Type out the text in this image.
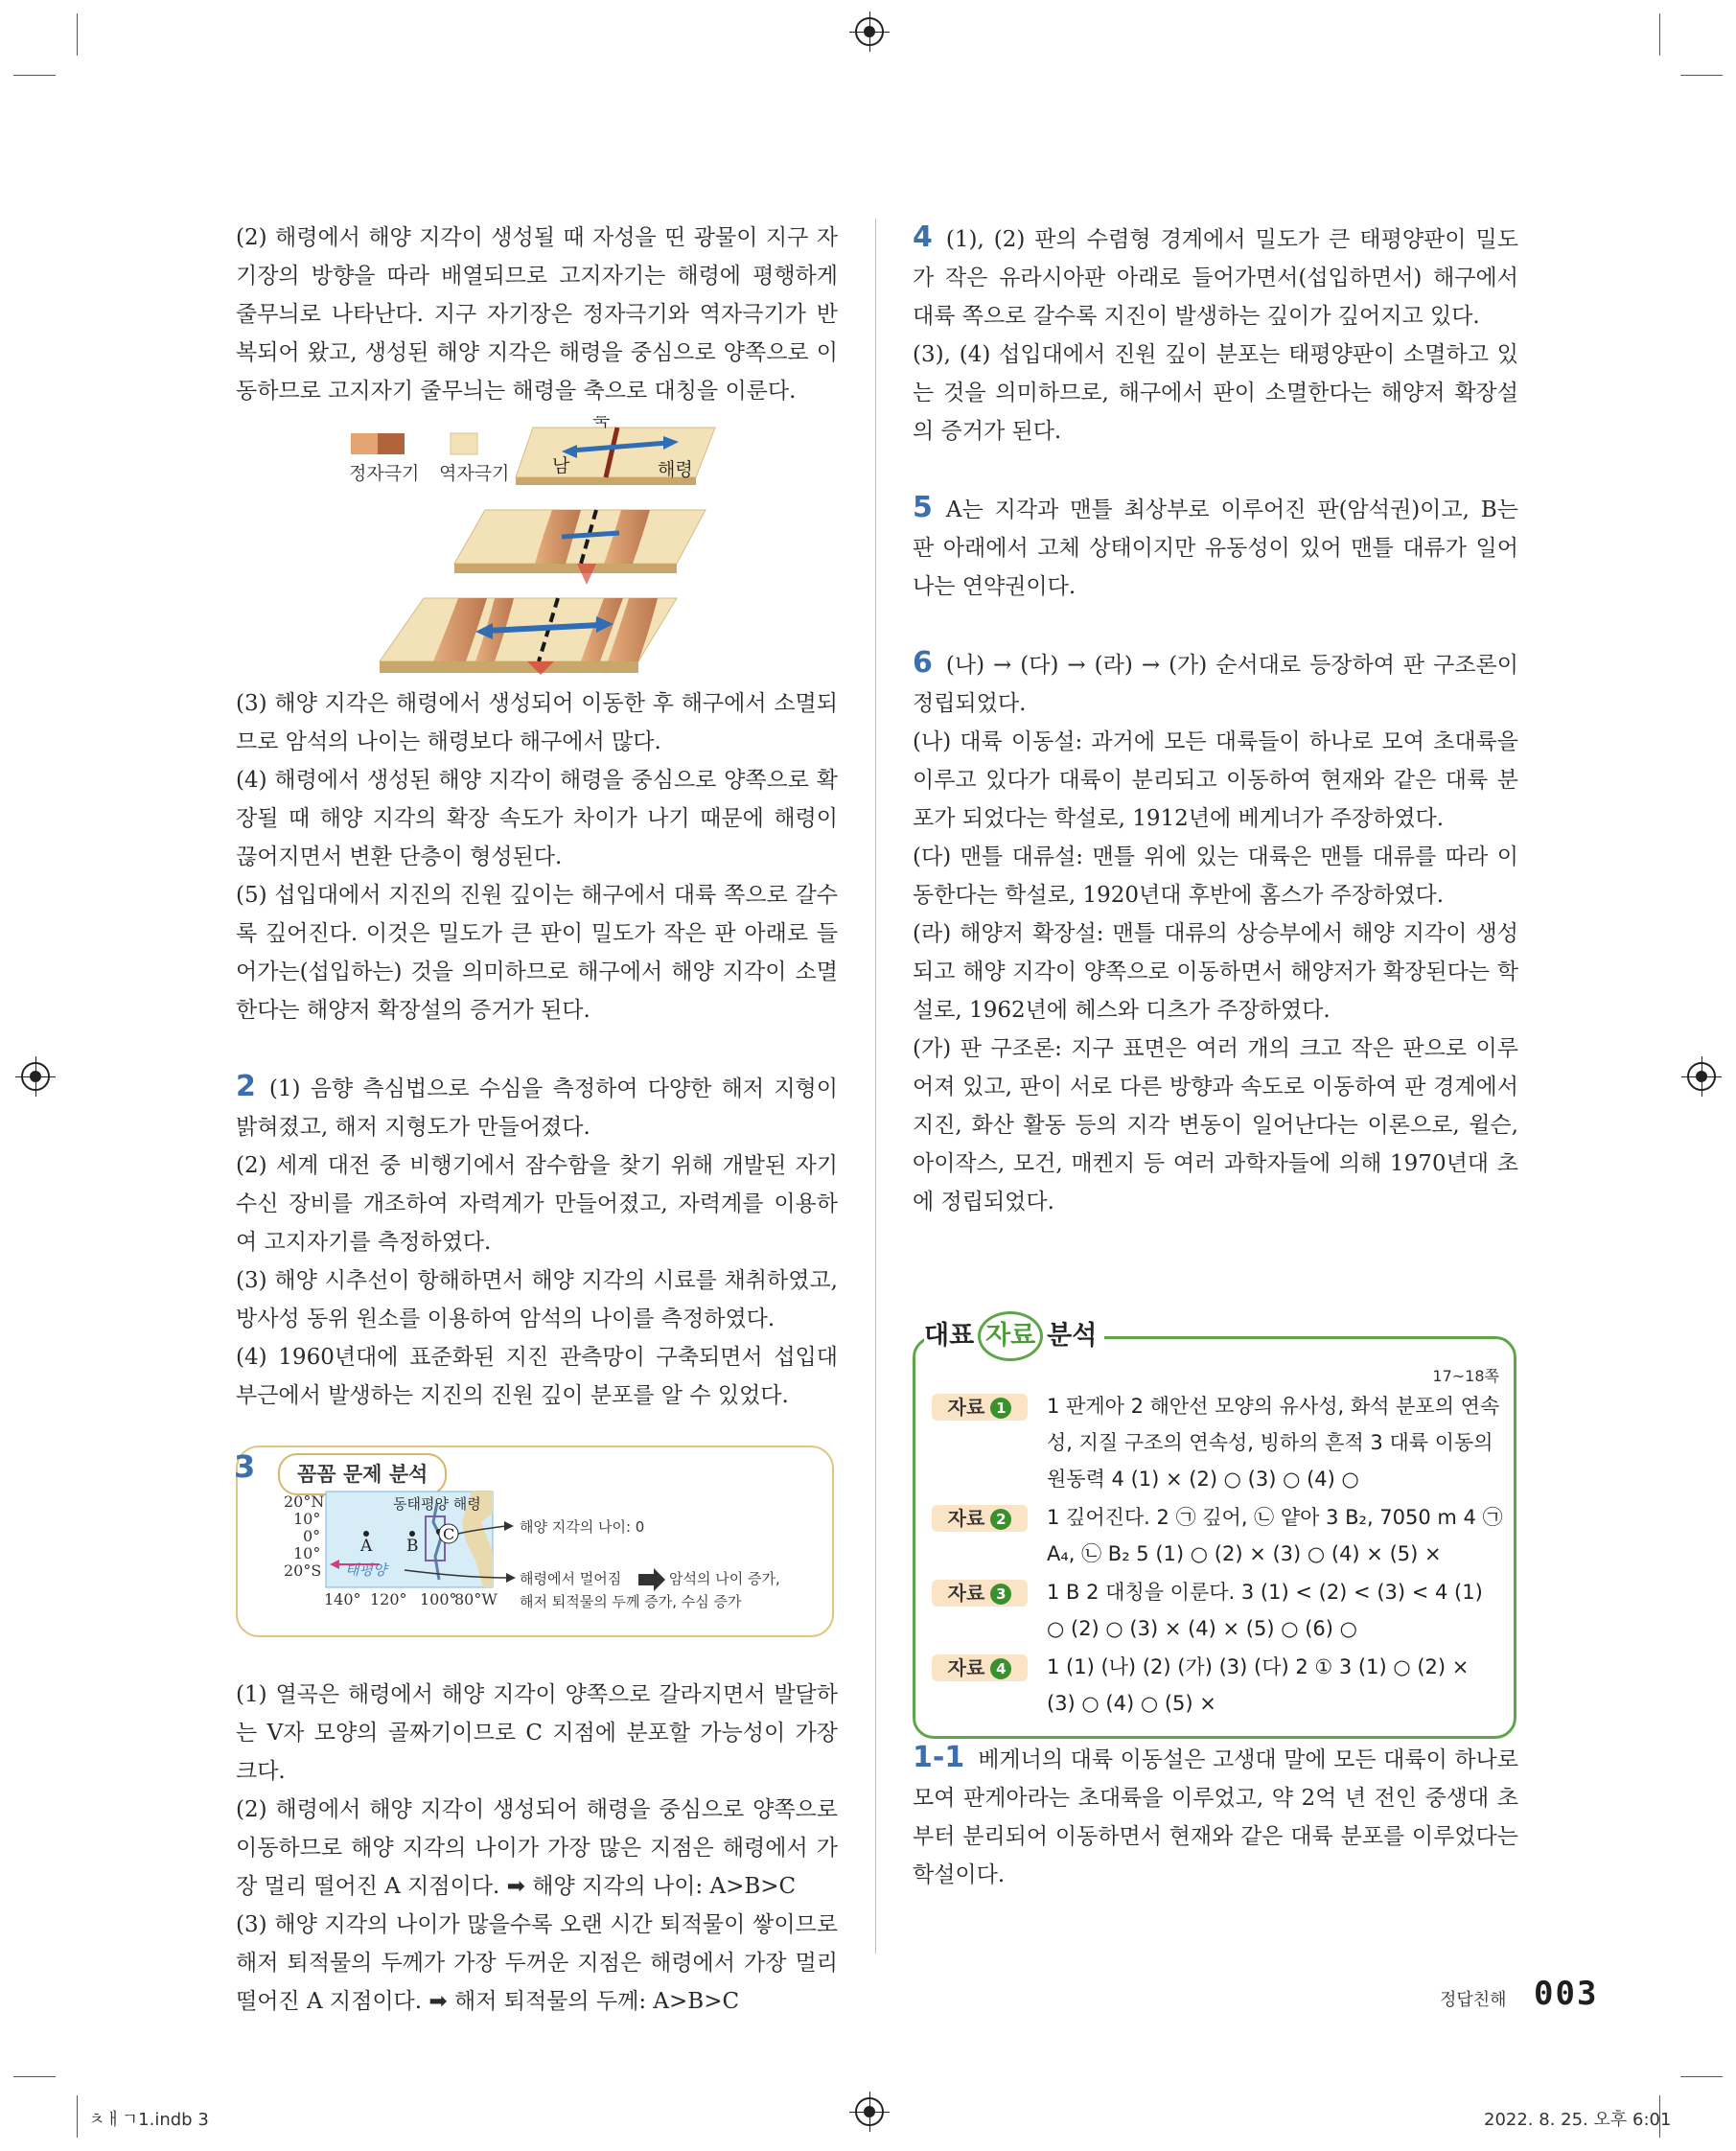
(2) 해령에서 해양 지각이 생성될 때 자성을 띤 광물이 지구 자기장의 방향을 따라 배열되므로 고지자기는 해령에 평행하게 줄무늬로 나타난다. 지구 자기장은 정자극기와 역자극기가 반복되어 왔고, 생성된 해양 지각은 해령을 중심으로 양쪽으로 이동하므로 고지자기 줄무늬는 해령을 축으로 대칭을 이룬다.

정자극기 역자극기 남
북
해령

(3) 해양 지각은 해령에서 생성되어 이동한 후 해구에서 소멸되므로 암석의 나이는 해령보다 해구에서 많다.

(4) 해령에서 생성된 해양 지각이 해령을 중심으로 양쪽으로 확장될 때 해양 지각의 확장 속도가 차이가 나기 때문에 해령이 끊어지면서 변환 단층이 형성된다.

(5) 섭입대에서 지진의 진원 깊이는 해구에서 대륙 쪽으로 갈수록 깊어진다. 이것은 밀도가 큰 판이 밀도가 작은 판 아래로 들어가는(섭입하는) 것을 의미하므로 해구에서 해양 지각이 소멸한다는 해양저 확장설의 증거가 된다.

2 (1) 음향 측심법으로 수심을 측정하여 다양한 해저 지형이 밝혀졌고, 해저 지형도가 만들어졌다.

(2) 세계 대전 중 비행기에서 잠수함을 찾기 위해 개발된 자기 수신 장비를 개조하여 자력계가 만들어졌고, 자력계를 이용하여 고지자기를 측정하였다.

(3) 해양 시추선이 항해하면서 해양 지각의 시료를 채취하였고, 방사성 동위 원소를 이용하여 암석의 나이를 측정하였다.

(4) 1960년대에 표준화된 지진 관측망이 구축되면서 섭입대 부근에서 발생하는 지진의 진원 깊이 분포를 알 수 있었다.

3	꼼꼼 문제 분석
20°N
10°
0°
10°
20°S
140° 120° 100°
80°W
동태평양 해령
태평양
A B
C	해양 지각의 나이: 0
해령에서 멀어짐	암석의 나이 증가,
해저 퇴적물의 두께 증가, 수심 증가

(1) 열곡은 해령에서 해양 지각이 양쪽으로 갈라지면서 발달하는 V자 모양의 골짜기이므로 C 지점에 분포할 가능성이 가장 크다.

(2) 해령에서 해양 지각이 생성되어 해령을 중심으로 양쪽으로 이동하므로 해양 지각의 나이가 가장 많은 지점은 해령에서 가장 멀리 떨어진 A 지점이다. ➡ 해양 지각의 나이: A>B>C

(3) 해양 지각의 나이가 많을수록 오랜 시간 퇴적물이 쌓이므로 해저 퇴적물의 두께가 가장 두꺼운 지점은 해령에서 가장 멀리 떨어진 A 지점이다. ➡ 해저 퇴적물의 두께: A>B>C

4 (1), (2) 판의 수렴형 경계에서 밀도가 큰 태평양판이 밀도가 작은 유라시아판 아래로 들어가면서(섭입하면서) 해구에서 대륙 쪽으로 갈수록 지진이 발생하는 깊이가 깊어지고 있다.

(3), (4) 섭입대에서 진원 깊이 분포는 태평양판이 소멸하고 있는 것을 의미하므로, 해구에서 판이 소멸한다는 해양저 확장설의 증거가 된다.

5 A는 지각과 맨틀 최상부로 이루어진 판(암석권)이고, B는 판 아래에서 고체 상태이지만 유동성이 있어 맨틀 대류가 일어나는 연약권이다.

6 (나) → (다) → (라) → (가) 순서대로 등장하여 판 구조론이 정립되었다.

(나) 대륙 이동설: 과거에 모든 대륙들이 하나로 모여 초대륙을 이루고 있다가 대륙이 분리되고 이동하여 현재와 같은 대륙 분포가 되었다는 학설로, 1912년에 베게너가 주장하였다.

(다) 맨틀 대류설: 맨틀 위에 있는 대륙은 맨틀 대류를 따라 이동한다는 학설로, 1920년대 후반에 홈스가 주장하였다.

(라) 해양저 확장설: 맨틀 대류의 상승부에서 해양 지각이 생성되고 해양 지각이 양쪽으로 이동하면서 해양저가 확장된다는 학설로, 1962년에 헤스와 디츠가 주장하였다.

(가) 판 구조론: 지구 표면은 여러 개의 크고 작은 판으로 이루어져 있고, 판이 서로 다른 방향과 속도로 이동하여 판 경계에서 지진, 화산 활동 등의 지각 변동이 일어난다는 이론으로, 윌슨, 아이작스, 모건, 매켄지 등 여러 과학자들에 의해 1970년대 초에 정립되었다.

대표 자료 분석
17~18쪽
자료 1	1 판게아 2 해안선 모양의 유사성, 화석 분포의 연속성, 지질 구조의 연속성, 빙하의 흔적 3 대륙 이동의 원동력 4 (1) × (2) ○ (3) ○ (4) ○
자료 2	1 깊어진다. 2 ㉠ 깊어, ㉡ 얕아 3 B₂, 7050 m 4 ㉠ A₄, ㉡ B₂ 5 (1) ○ (2) × (3) ○ (4) × (5) ×
자료 3	1 B 2 대칭을 이룬다. 3 (1) < (2) < (3) < 4 (1) ○ (2) ○ (3) × (4) × (5) ○ (6) ○
자료 4	1 (1) (나) (2) (가) (3) (다) 2 ① 3 (1) ○ (2) × (3) ○ (4) ○ (5) ×

1-1 베게너의 대륙 이동설은 고생대 말에 모든 대륙이 하나로 모여 판게아라는 초대륙을 이루었고, 약 2억 년 전인 중생대 초부터 분리되어 이동하면서 현재와 같은 대륙 분포를 이루었다는 학설이다.

정답친해 003
ㅊㅐㄱ1.indb 3	2022. 8. 25. 오후 6:01
